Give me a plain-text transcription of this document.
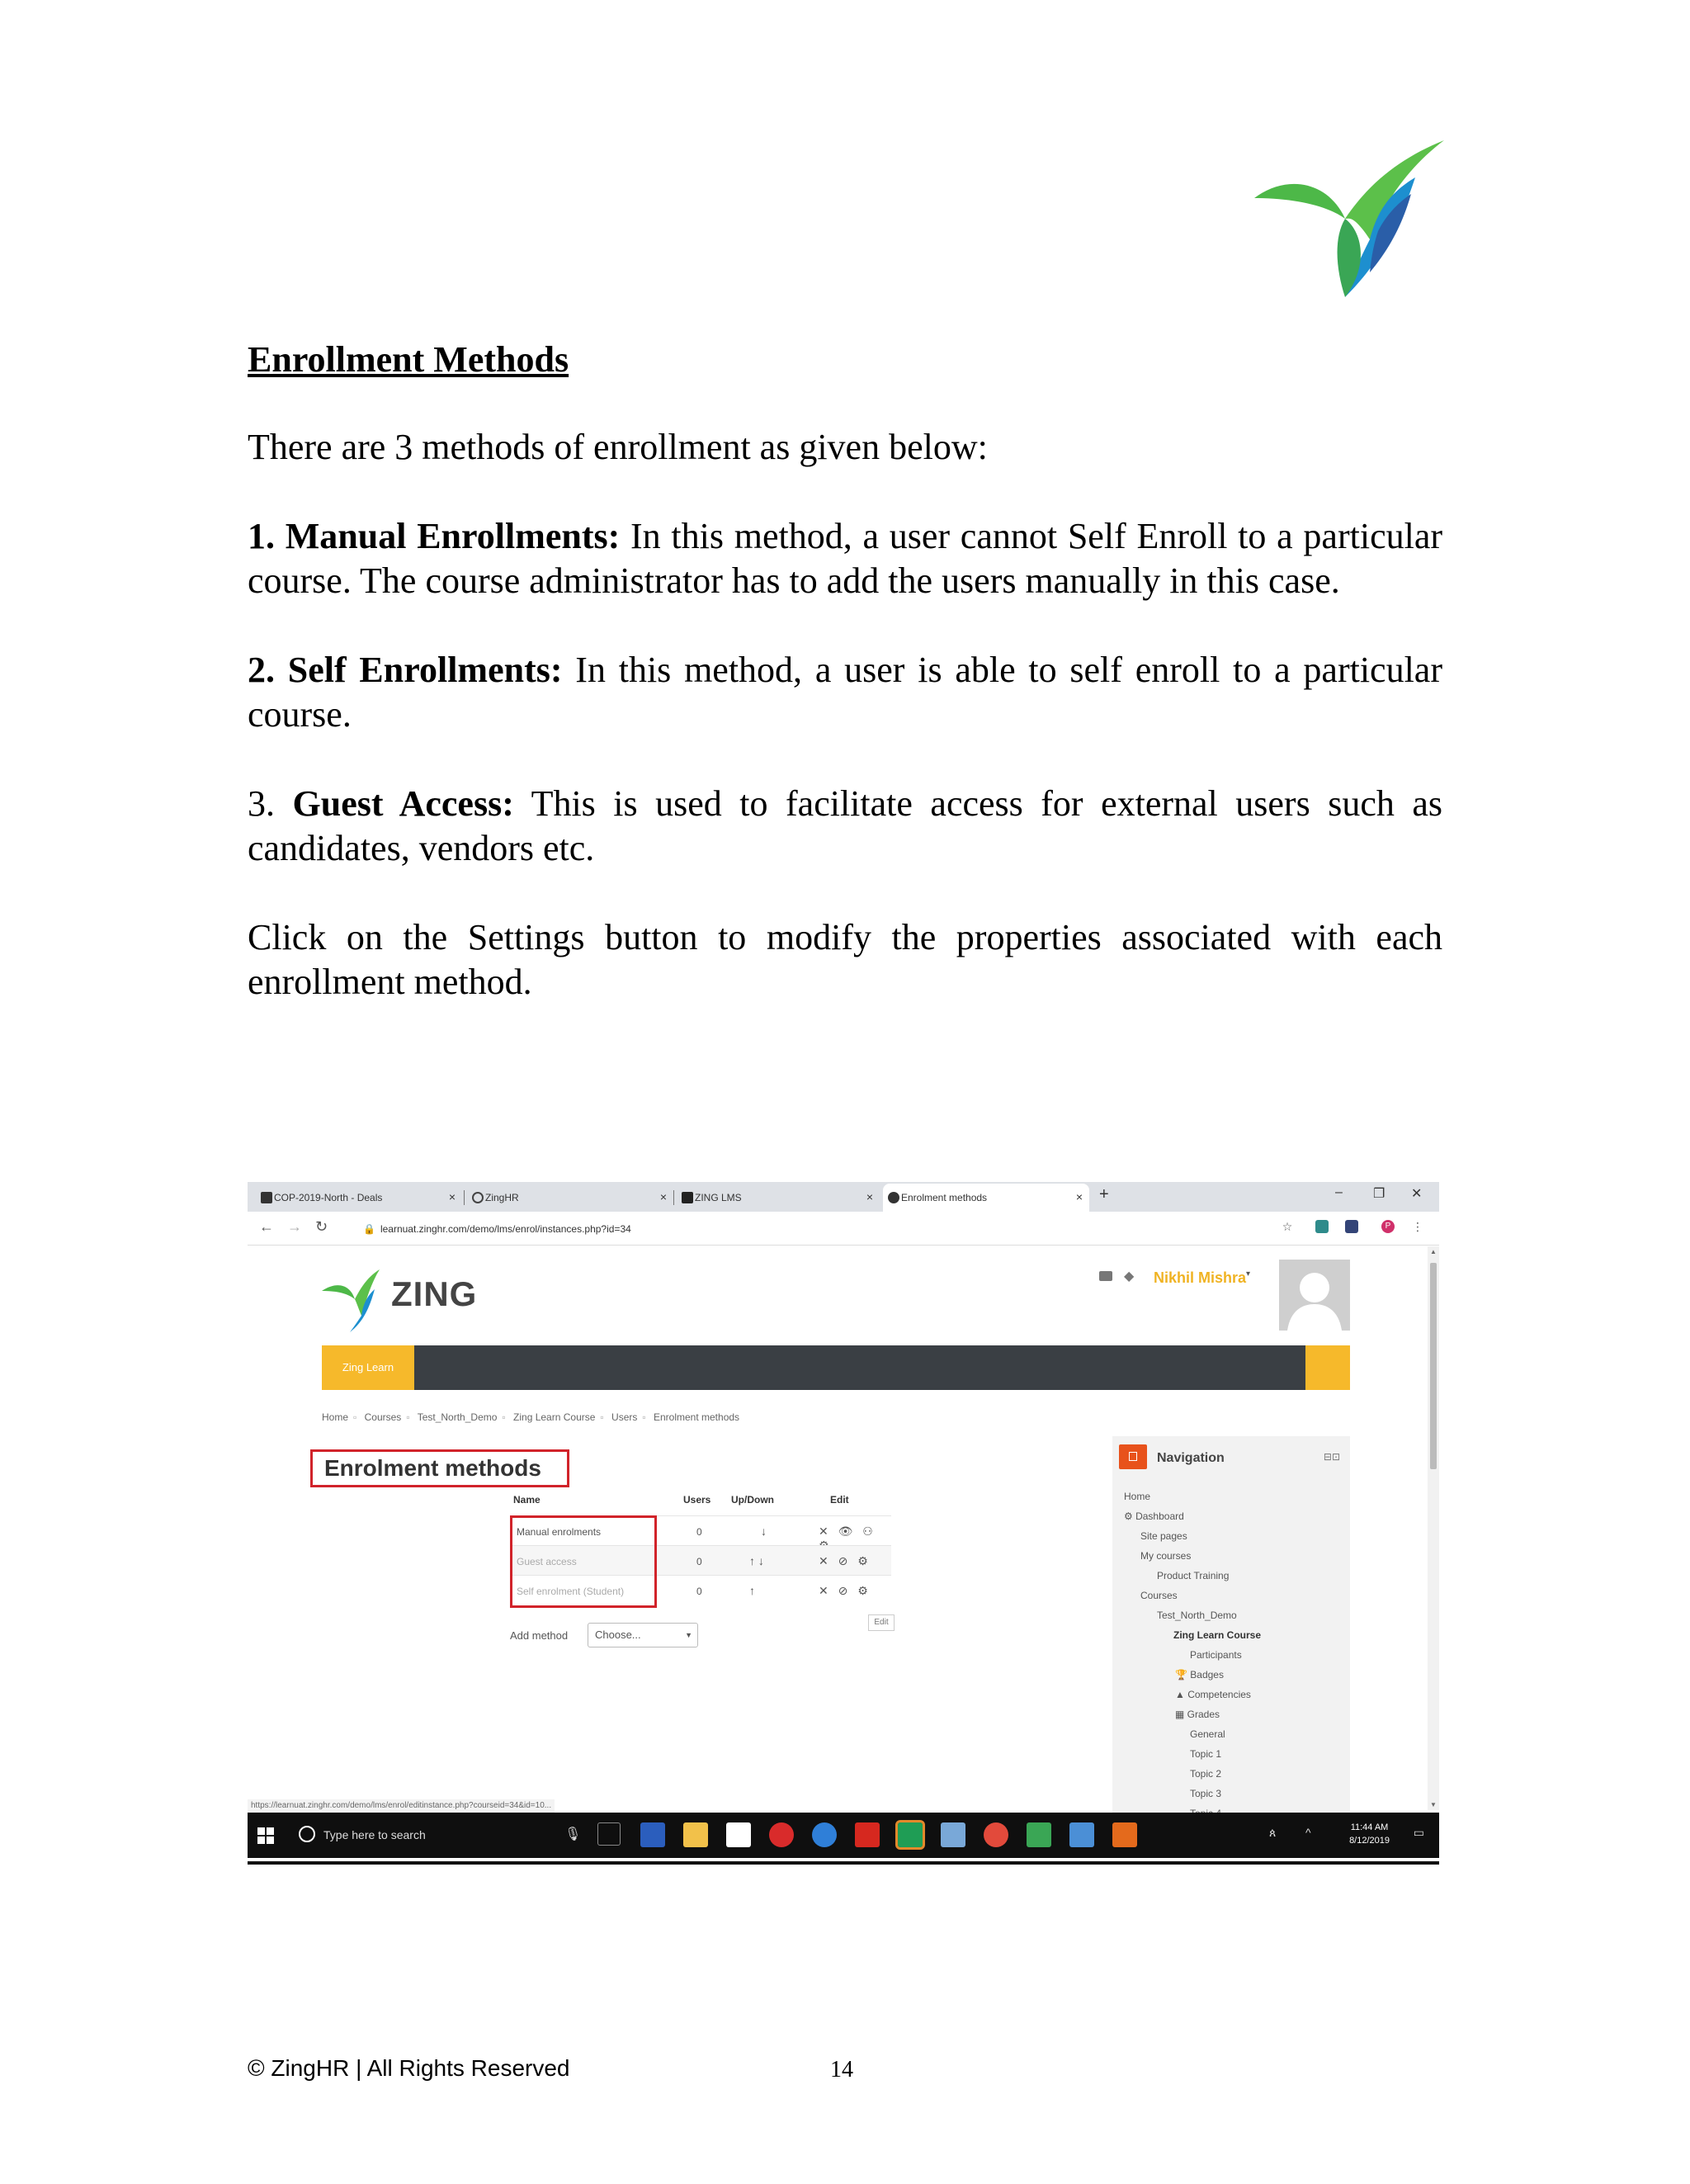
Enrollment Methods

There are 3 methods of enrollment as given below:

1. Manual Enrollments: In this method, a user cannot Self Enroll to a particular course. The course administrator has to add the users manually in this case.

2. Self Enrollments: In this method, a user is able to self enroll to a particular course.

3. Guest Access: This is used to facilitate access for external users such as candidates, vendors etc.

Click on the Settings button to modify the properties associated with each enrollment method.

COP-2019-North - Deals	×	ZingHR	×	ZING LMS	×	Enrolment methods	× +	– ❐ ✕
← → ↻	🔒 learnuat.zinghr.com/demo/lms/enrol/instances.php?id=34	☆	P	⋮
▲
▼
ZING	◆ Nikhil Mishra▾
Zing Learn
Home ▫ Courses ▫ Test_North_Demo ▫ Zing Learn Course ▫ Users ▫ Enrolment methods
Enrolment methods
Name	Users Up/Down	Edit
Manual enrolments	0	↓	✕ 👁 ⚇
Guest access	0	↑ ↓	✕ ⊘ ⚙
Self enrolment (Student)	0	↑	✕ ⊘ ⚙
Edit
Add method	Choose...	▼
Navigation	⊟⊡
Home
⚙ Dashboard
Site pages
My courses
Product Training
Courses
Test_North_Demo
Zing Learn Course
Participants
🏆 Badges
▲ Competencies
▦ Grades
General
Topic 1
Topic 2
Topic 3
https://learnuat.zinghr.com/demo/lms/enrol/editinstance.php?courseid=34&id=10...
Type here to search	🎙	ጰ	^	11:44 AM
8/12/2019
▭
© ZingHR | All Rights Reserved	14
